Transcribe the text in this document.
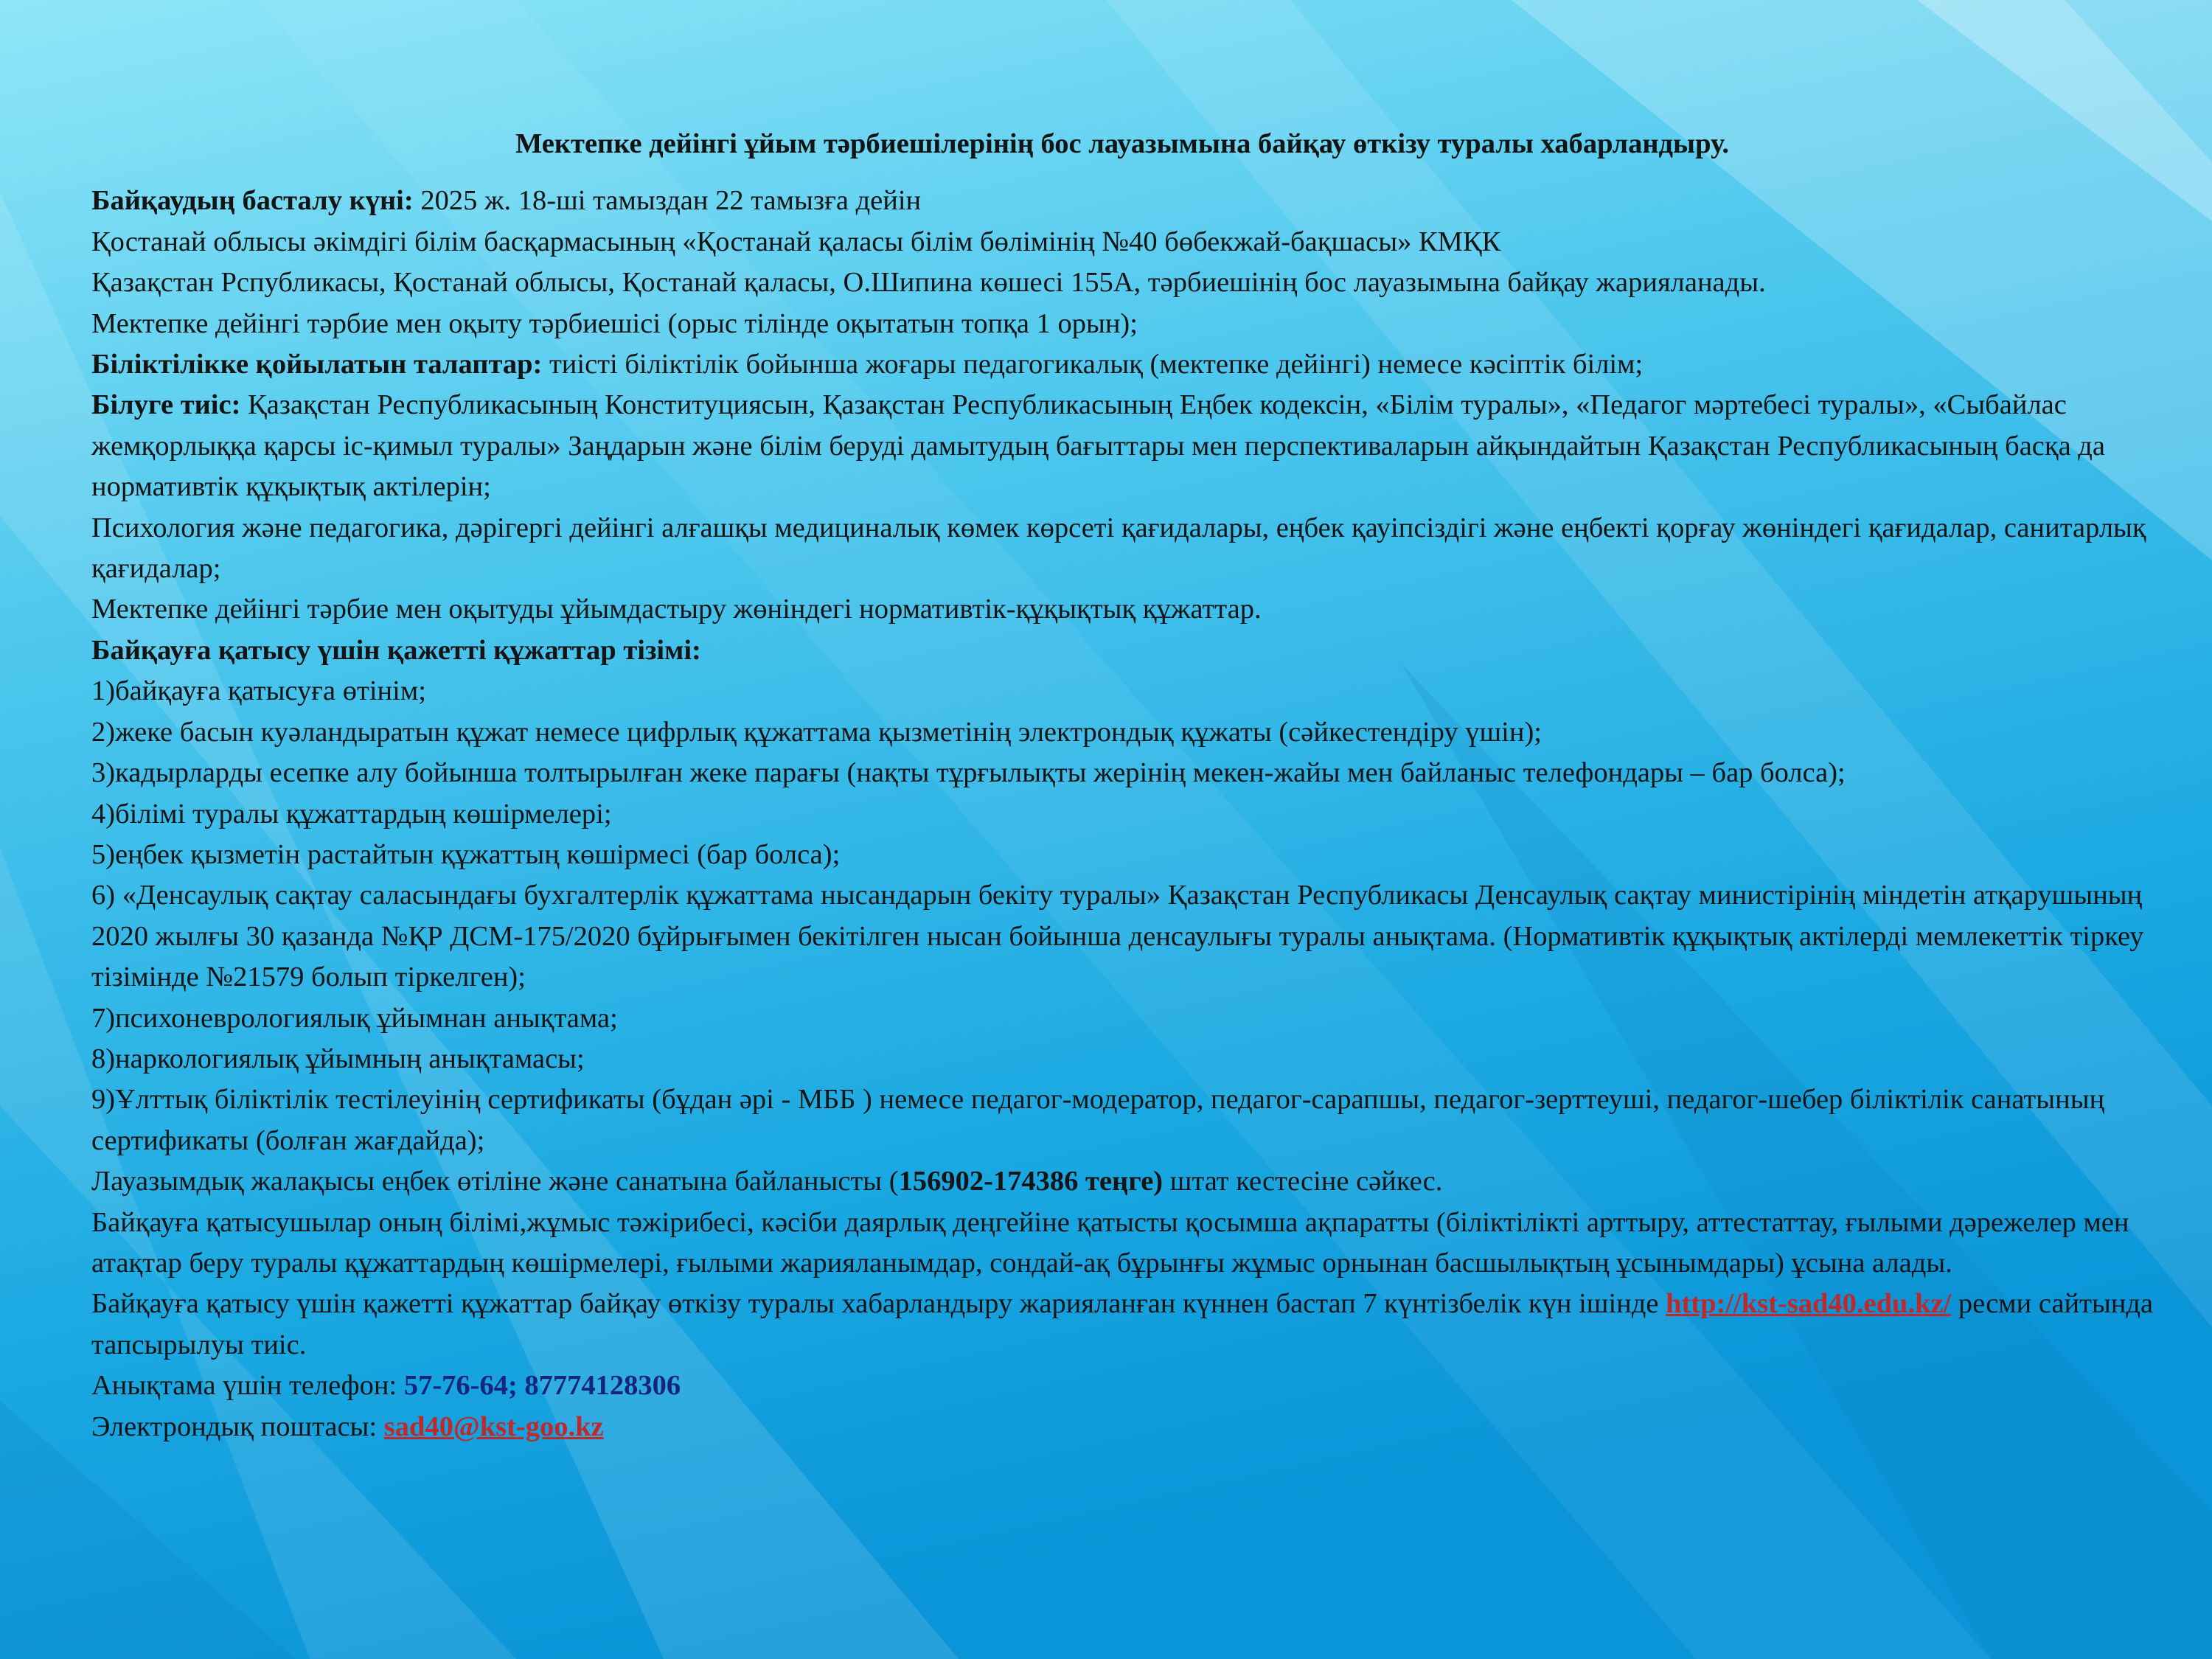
Мектепке дейінгі ұйым тәрбиешілерінің бос лауазымына байқау өткізу туралы хабарландыру.

Байқаудың басталу күні: 2025 ж. 18-ші тамыздан 22 тамызға дейін

Қостанай облысы әкімдігі білім басқармасының «Қостанай қаласы білім бөлімінің №40 бөбекжай-бақшасы» КМҚК

Қазақстан Рспубликасы, Қостанай облысы, Қостанай қаласы, О.Шипина көшесі 155А, тәрбиешінің бос лауазымына байқау жарияланады.

Мектепке дейінгі тәрбие мен оқыту тәрбиешісі (орыс тілінде оқытатын топқа 1 орын);

Біліктілікке қойылатын талаптар: тиісті біліктілік бойынша жоғары педагогикалық (мектепке дейінгі) немесе кәсіптік білім;

Білуге тиіс: Қазақстан Республикасының Конституциясын, Қазақстан Республикасының Еңбек кодексін, «Білім туралы», «Педагог мәртебесі туралы», «Сыбайлас жемқорлыққа қарсы іс-қимыл туралы» Заңдарын және білім беруді дамытудың бағыттары мен перспективаларын айқындайтын Қазақстан Республикасының басқа да нормативтік құқықтық актілерін;

Психология және педагогика, дәрігергі дейінгі алғашқы медициналық көмек көрсеті қағидалары, еңбек қауіпсіздігі және еңбекті қорғау жөніндегі қағидалар, санитарлық қағидалар;

Мектепке дейінгі тәрбие мен оқытуды ұйымдастыру жөніндегі нормативтік-құқықтық құжаттар.

Байқауға қатысу үшін қажетті құжаттар тізімі:

1)байқауға қатысуға өтінім;

2)жеке басын куәландыратын құжат немесе цифрлық құжаттама қызметінің электрондық құжаты (сәйкестендіру үшін);

3)кадырларды есепке алу бойынша толтырылған жеке парағы (нақты тұрғылықты жерінің мекен-жайы мен байланыс телефондары – бар болса);

4)білімі туралы құжаттардың көшірмелері;

5)еңбек қызметін растайтын құжаттың көшірмесі (бар болса);

6) «Денсаулық сақтау саласындағы бухгалтерлік құжаттама нысандарын бекіту туралы» Қазақстан Республикасы Денсаулық сақтау министірінің міндетін атқарушының 2020 жылғы 30 қазанда №ҚР ДСМ-175/2020 бұйрығымен бекітілген нысан бойынша денсаулығы туралы анықтама. (Нормативтік құқықтық актілерді мемлекеттік тіркеу тізімінде №21579 болып тіркелген);

7)психоневрологиялық ұйымнан анықтама;

8)наркологиялық ұйымның анықтамасы;

9)Ұлттық біліктілік тестілеуінің сертификаты (бұдан әрі - МББ ) немесе педагог-модератор, педагог-сарапшы, педагог-зерттеуші, педагог-шебер біліктілік санатының сертификаты (болған жағдайда);

Лауазымдық жалақысы еңбек өтіліне және санатына байланысты (156902-174386 теңге) штат кестесіне сәйкес.

Байқауға қатысушылар оның білімі,жұмыс тәжірибесі, кәсіби даярлық деңгейіне қатысты қосымша ақпаратты (біліктілікті арттыру, аттестаттау, ғылыми дәрежелер мен атақтар беру туралы құжаттардың көшірмелері, ғылыми жарияланымдар, сондай-ақ бұрынғы жұмыс орнынан басшылықтың ұсынымдары) ұсына алады.

Байқауға қатысу үшін қажетті құжаттар байқау өткізу туралы хабарландыру жарияланған күннен бастап 7 күнтізбелік күн ішінде http://kst-sad40.edu.kz/ ресми сайтында тапсырылуы тиіс.

Анықтама үшін телефон: 57-76-64; 87774128306

Электрондық поштасы: sad40@kst-goo.kz
